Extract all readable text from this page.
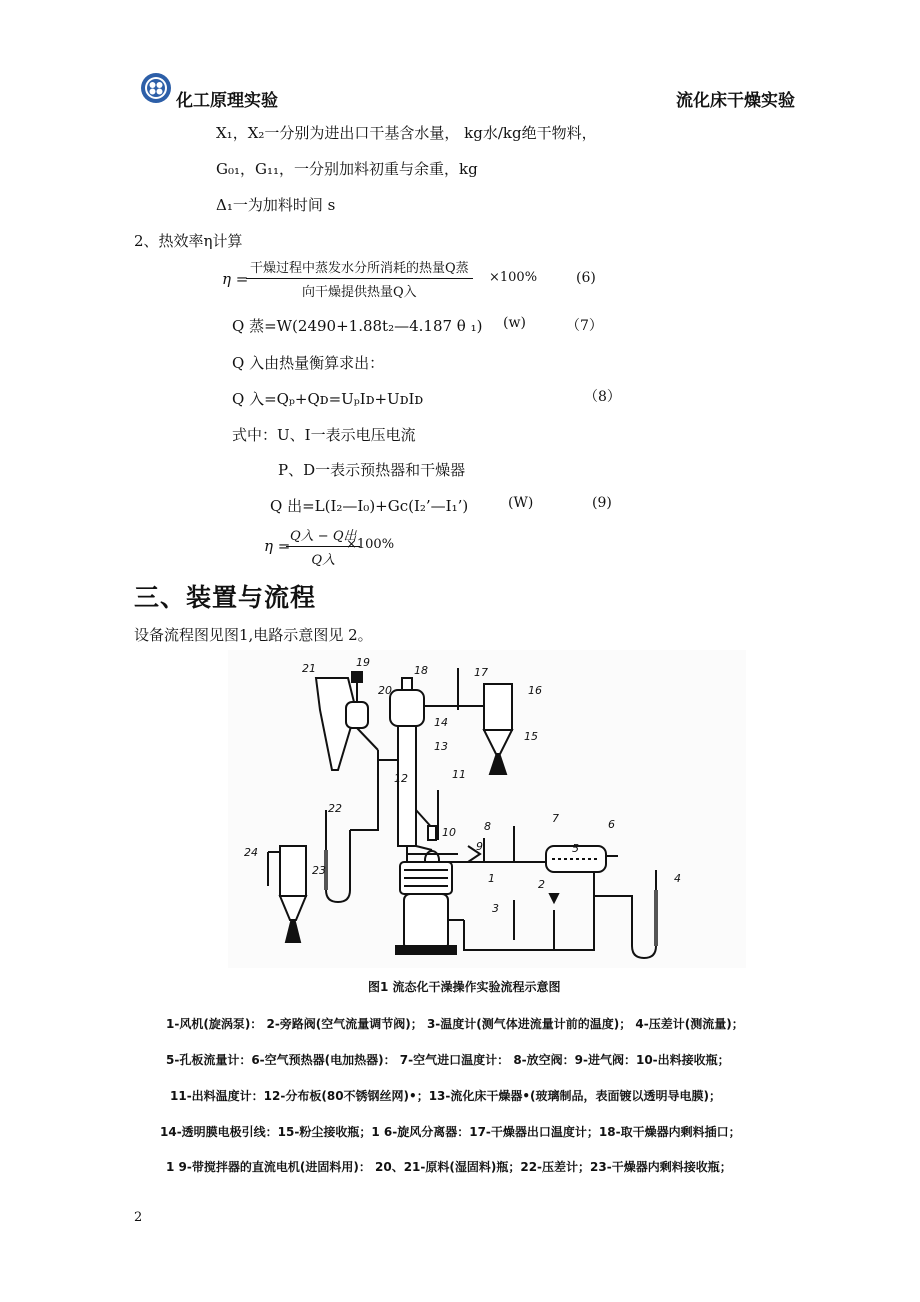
化工原理实验	流化床干燥实验
X₁，X₂一分别为进出口干基含水量， kg水/kg绝干物料，
G₀₁，G₁₁，一分别加料初重与余重，kg
Δ₁一为加料时间 s
2、热效率η计算
η =
干燥过程中蒸发水分所消耗的热量Q蒸
向干燥提供热量Q入
×100%	(6)
Q 蒸=W(2490+1.88t₂—4.187 θ ₁) (w)	（7）
Q 入由热量衡算求出：
Q 入=Qₚ+Qᴅ=UₚIᴅ+UᴅIᴅ	（8）
式中：U、I一表示电压电流
P、D一表示预热器和干燥器
Q 出=L(I₂—I₀)+Gc(I₂’—I₁’)	(W)	(9)
η =
Q入 − Q出
Q入
×100%
三、装置与流程
设备流程图见图1,电路示意图见 2。
21	19
18	17
16
20
14
15
13
11
12
22
10	8
9
7	6
24	5
23
1	2
3
4
图1 流态化干澡操作实验流程示意图
1-风机(旋涡泵)： 2-旁路阀(空气流量调节阀)； 3-温度计(测气体进流量计前的温度)； 4-压差计(测流量)；
5-孔板流量计：6-空气预热器(电加热器)： 7-空气进口温度计： 8-放空阀：9-进气阀：10-出料接收瓶；
11-出料温度计：12-分布板(80不锈钢丝网)•；13-流化床干燥器•(玻璃制品，表面镀以透明导电膜)；
14-透明膜电极引线：15-粉尘接收瓶；1 6-旋风分离器：17-干燥器出口温度计；18-取干燥器内剩料插口；
1 9-带搅拌器的直流电机(进固料用)： 20、21-原料(湿固料)瓶；22-压差计；23-干燥器内剩料接收瓶；
2
